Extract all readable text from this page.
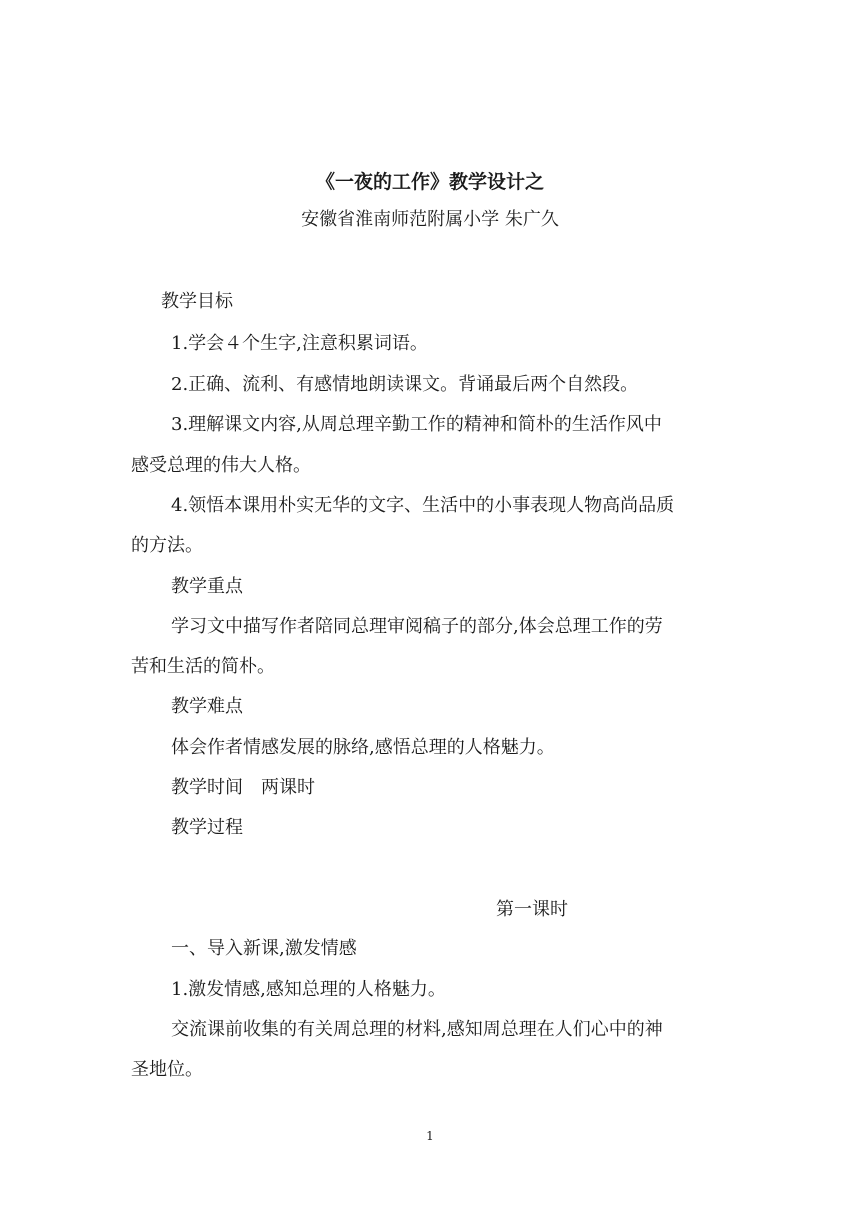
《一夜的工作》教学设计之
安徽省淮南师范附属小学 朱广久
教学目标
1.学会４个生字,注意积累词语。
2.正确、流利、有感情地朗读课文。背诵最后两个自然段。
3.理解课文内容,从周总理辛勤工作的精神和简朴的生活作风中
感受总理的伟大人格。
4.领悟本课用朴实无华的文字、生活中的小事表现人物高尚品质
的方法。
教学重点
学习文中描写作者陪同总理审阅稿子的部分,体会总理工作的劳
苦和生活的简朴。
教学难点
体会作者情感发展的脉络,感悟总理的人格魅力。
教学时间 两课时
教学过程
第一课时
一、导入新课,激发情感
1.激发情感,感知总理的人格魅力。
交流课前收集的有关周总理的材料,感知周总理在人们心中的神
圣地位。
1
